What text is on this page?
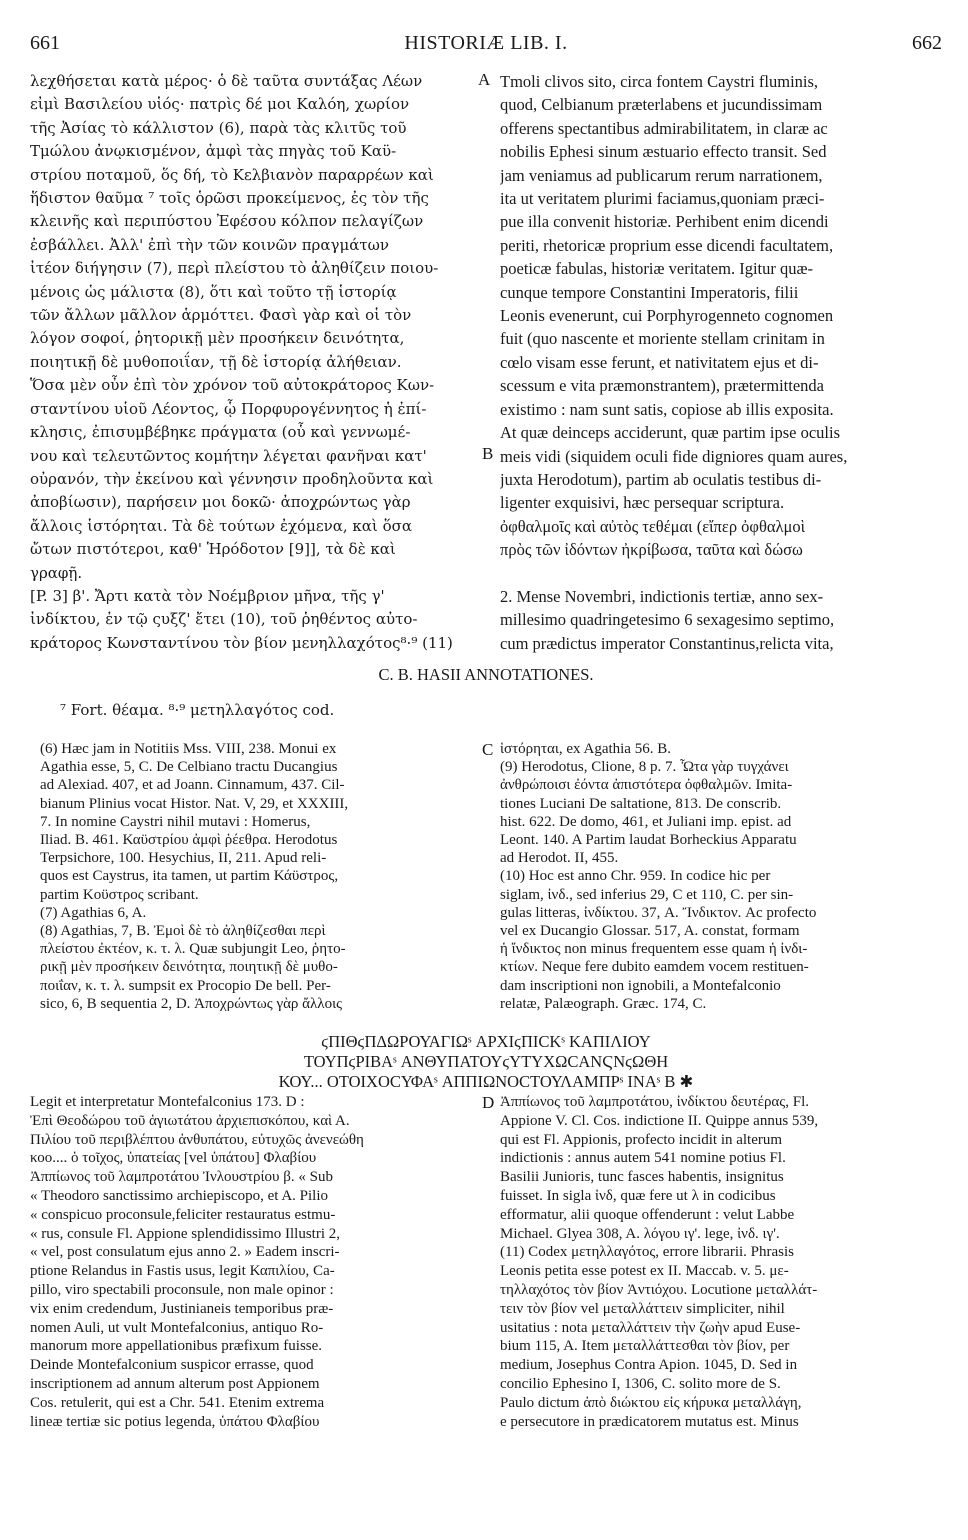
661	HISTORIÆ LIB. I.	662
λεχθήσεται κατὰ μέρος· ὁ δὲ ταῦτα συντάξας Λέων
εἰμὶ Βασιλείου υἱός· πατρὶς δέ μοι Καλόη, χωρίον
τῆς Ἀσίας τὸ κάλλιστον (6), παρὰ τὰς κλιτῦς τοῦ
Τμώλου ἀνῳκισμένον, ἀμφὶ τὰς πηγὰς τοῦ Καϋ-
στρίου ποταμοῦ, ὅς δή, τὸ Κελβιανὸν παραρρέων καὶ
ἥδιστον θαῦμα ⁷ τοῖς ὁρῶσι προκείμενος, ἐς τὸν τῆς
κλεινῆς καὶ περιπύστου Ἐφέσου κόλπον πελαγίζων
ἐσβάλλει. Ἀλλ' ἐπὶ τὴν τῶν κοινῶν πραγμάτων
ἰτέον διήγησιν (7), περὶ πλείστου τὸ ἀληθίζειν ποιου-
μένοις ὡς μάλιστα (8), ὅτι καὶ τοῦτο τῇ ἱστορίᾳ
τῶν ἄλλων μᾶλλον ἁρμόττει. Φασὶ γὰρ καὶ οἱ τὸν
λόγον σοφοί, ῥητορικῇ μὲν προσήκειν δεινότητα,
ποιητικῇ δὲ μυθοποιΐαν, τῇ δὲ ἱστορίᾳ ἀλήθειαν.
Ὅσα μὲν οὖν ἐπὶ τὸν χρόνον τοῦ αὐτοκράτορος Κων-
σταντίνου υἱοῦ Λέοντος, ᾧ Πορφυρογέννητος ἡ ἐπί-
κλησις, ἐπισυμβέβηκε πράγματα (οὗ καὶ γεννωμέ-
νου καὶ τελευτῶντος κομήτην λέγεται φανῆναι κατ'
οὐρανόν, τὴν ἐκείνου καὶ γέννησιν προδηλοῦντα καὶ
ἀποβίωσιν), παρήσειν μοι δοκῶ· ἀποχρώντως γὰρ
ἄλλοις ἱστόρηται. Τὰ δὲ τούτων ἐχόμενα, καὶ ὅσα
ὤτων πιστότεροι, καθ' Ἡρόδοτον [9]], τὰ δὲ καὶ
γραφῇ.
[P. 3] β'. Ἄρτι κατὰ τὸν Νοέμβριον μῆνα, τῆς γ'
ἰνδίκτου, ἐν τῷ ςυξζ' ἔτει (10), τοῦ ῥηθέντος αὐτο-
κράτορος Κωνσταντίνου τὸν βίον μενηλλαχότος⁸·⁹ (11)
A
B
Tmoli clivos sito, circa fontem Caystri fluminis,
quod, Celbianum præterlabens et jucundissimam
offerens spectantibus admirabilitatem, in claræ ac
nobilis Ephesi sinum æstuario effecto transit. Sed
jam veniamus ad publicarum rerum narrationem,
ita ut veritatem plurimi faciamus,quoniam præci-
pue illa convenit historiæ. Perhibent enim dicendi
periti, rhetoricæ proprium esse dicendi facultatem,
poeticæ fabulas, historiæ veritatem. Igitur quæ-
cunque tempore Constantini Imperatoris, filii
Leonis evenerunt, cui Porphyrogenneto cognomen
fuit (quo nascente et moriente stellam crinitam in
cœlo visam esse ferunt, et nativitatem ejus et di-
scessum e vita præmonstrantem), prætermittenda
existimo : nam sunt satis, copiose ab illis exposita.
At quæ deinceps acciderunt, quæ partim ipse oculis
meis vidi (siquidem oculi fide digniores quam aures,
juxta Herodotum), partim ab oculatis testibus di-
ligenter exquisivi, hæc persequar scriptura.
ὀφθαλμοῖς καὶ αὐτὸς τεθέμαι (εἴπερ ὀφθαλμοὶ
πρὸς τῶν ἰδόντων ἠκρίβωσα, ταῦτα καὶ δώσω

2. Mense Novembri, indictionis tertiæ, anno sex-
millesimo quadringetesimo 6 sexagesimo septimo,
cum prædictus imperator Constantinus,relicta vita,
C. B. HASII ANNOTATIONES.
⁷ Fort. θέαμα. ⁸·⁹ μετηλλαγότος cod.
(6) Hæc jam in Notitiis Mss. VIII, 238. Monui ex
Agathia esse, 5, C. De Celbiano tractu Ducangius
ad Alexiad. 407, et ad Joann. Cinnamum, 437. Cil-
bianum Plinius vocat Histor. Nat. V, 29, et XXXIII,
7. In nomine Caystri nihil mutavi : Homerus,
Iliad. B. 461. Καϋστρίου ἀμφὶ ῥέεθρα. Herodotus
Terpsichore, 100. Hesychius, II, 211. Apud reli-
quos est Caystrus, ita tamen, ut partim Κάϋστρος,
partim Κοϋστρος scribant.
(7) Agathias 6, A.
(8) Agathias, 7, B. Ἐμοὶ δὲ τὸ ἀληθίζεσθαι περὶ
πλείστου ἐκτέον, κ. τ. λ. Quæ subjungit Leo, ῥητο-
ρικῇ μὲν προσήκειν δεινότητα, ποιητικῇ δὲ μυθο-
ποιΐαν, κ. τ. λ. sumpsit ex Procopio De bell. Per-
sico, 6, B sequentia 2, D. Ἀποχρώντως γὰρ ἄλλοις
C ἱστόρηται, ex Agathia 56. B.
(9) Herodotus, Clione, 8 p. 7. Ὦτα γὰρ τυγχάνει
ἀνθρώποισι ἐόντα ἀπιστότερα ὀφθαλμῶν. Imita-
tiones Luciani De saltatione, 813. De conscrib.
hist. 622. De domo, 461, et Juliani imp. epist. ad
Leont. 140. A Partim laudat Borheckius Apparatu
ad Herodot. II, 455.
(10) Hoc est anno Chr. 959. In codice hic per
siglam, ἰνδ., sed inferius 29, C et 110, C. per sin-
gulas litteras, ἰνδίκτου. 37, A. Ἴνδικτον. Ac profecto
vel ex Ducangio Glossar. 517, A. constat, formam
ἡ ἴνδικτος non minus frequentem esse quam ἡ ἰνδι-
κτίων. Neque fere dubito eamdem vocem restituen-
dam inscriptioni non ignobili, a Montefalconio
relatæ, Palæograph. Græc. 174, C.
ϛΠΙΘϛΠΔΩΡΟΥΑΓΙΩˢ ΑΡΧΙϛΠΙϹΚˢ ΚΑΠΙΛΙΟΥ
ΤΟΥΠϛΡΙΒΑˢ ΑΝΘΥΠΑΤΟΥϛΥΤΥΧΩϹΑΝϚΝϛΩΘΗ
ΚΟΥ... ΟΤΟΙΧΟϹΥΦΑˢ ΑΠΠΙΩΝΟϹΤΟΥΛΑΜΠΡˢ ΙΝΑˢ Β ✱
Legit et interpretatur Montefalconius 173. D :
Ἐπὶ Θεοδώρου τοῦ ἁγιωτάτου ἀρχιεπισκόπου, καὶ Α.
Πιλίου τοῦ περιβλέπτου ἀνθυπάτου, εὐτυχῶς ἀνενεώθη
κοο.... ὁ τοῖχος, ὑπατείας [vel ὑπάτου] Φλαβίου
Ἀππίωνος τοῦ λαμπροτάτου Ἰνλουστρίου β. « Sub
« Theodoro sanctissimo archiepiscopo, et A. Pilio
« conspicuo proconsule,feliciter restauratus estmu-
« rus, consule Fl. Appione splendidissimo Illustri 2,
« vel, post consulatum ejus anno 2. » Eadem inscri-
ptione Relandus in Fastis usus, legit Καπιλίου, Ca-
pillo, viro spectabili proconsule, non male opinor :
vix enim credendum, Justinianeis temporibus præ-
nomen Auli, ut vult Montefalconius, antiquo Ro-
manorum more appellationibus præfixum fuisse.
Deinde Montefalconium suspicor errasse, quod
inscriptionem ad annum alterum post Appionem
Cos. retulerit, qui est a Chr. 541. Etenim extrema
lineæ tertiæ sic potius legenda, ὑπάτου Φλαβίου
D Ἀππίωνος τοῦ λαμπροτάτου, ἰνδίκτου δευτέρας, Fl.
Appione V. Cl. Cos. indictione II. Quippe annus 539,
qui est Fl. Appionis, profecto incidit in alterum
indictionis : annus autem 541 nomine potius Fl.
Basilii Junioris, tunc fasces habentis, insignitus
fuisset. In sigla ἰνδ, quæ fere ut λ in codicibus
efformatur, alii quoque offenderunt : velut Labbe
Michael. Glyea 308, A. λόγου ιγ'. lege, ἰνδ. ιγ'.
(11) Codex μετηλλαγότος, errore librarii. Phrasis
Leonis petita esse potest ex II. Maccab. v. 5. με-
τηλλαχότος τὸν βίον Ἀντιόχου. Locutione μεταλλάτ-
τειν τὸν βίον vel μεταλλάττειν simpliciter, nihil
usitatius : nota μεταλλάττειν τὴν ζωὴν apud Euse-
bium 115, A. Item μεταλλάττεσθαι τὸν βίον, per
medium, Josephus Contra Apion. 1045, D. Sed in
concilio Ephesino I, 1306, C. solito more de S.
Paulo dictum ἀπὸ διώκτου εἰς κήρυκα μεταλλάγη,
e persecutore in prædicatorem mutatus est. Minus
